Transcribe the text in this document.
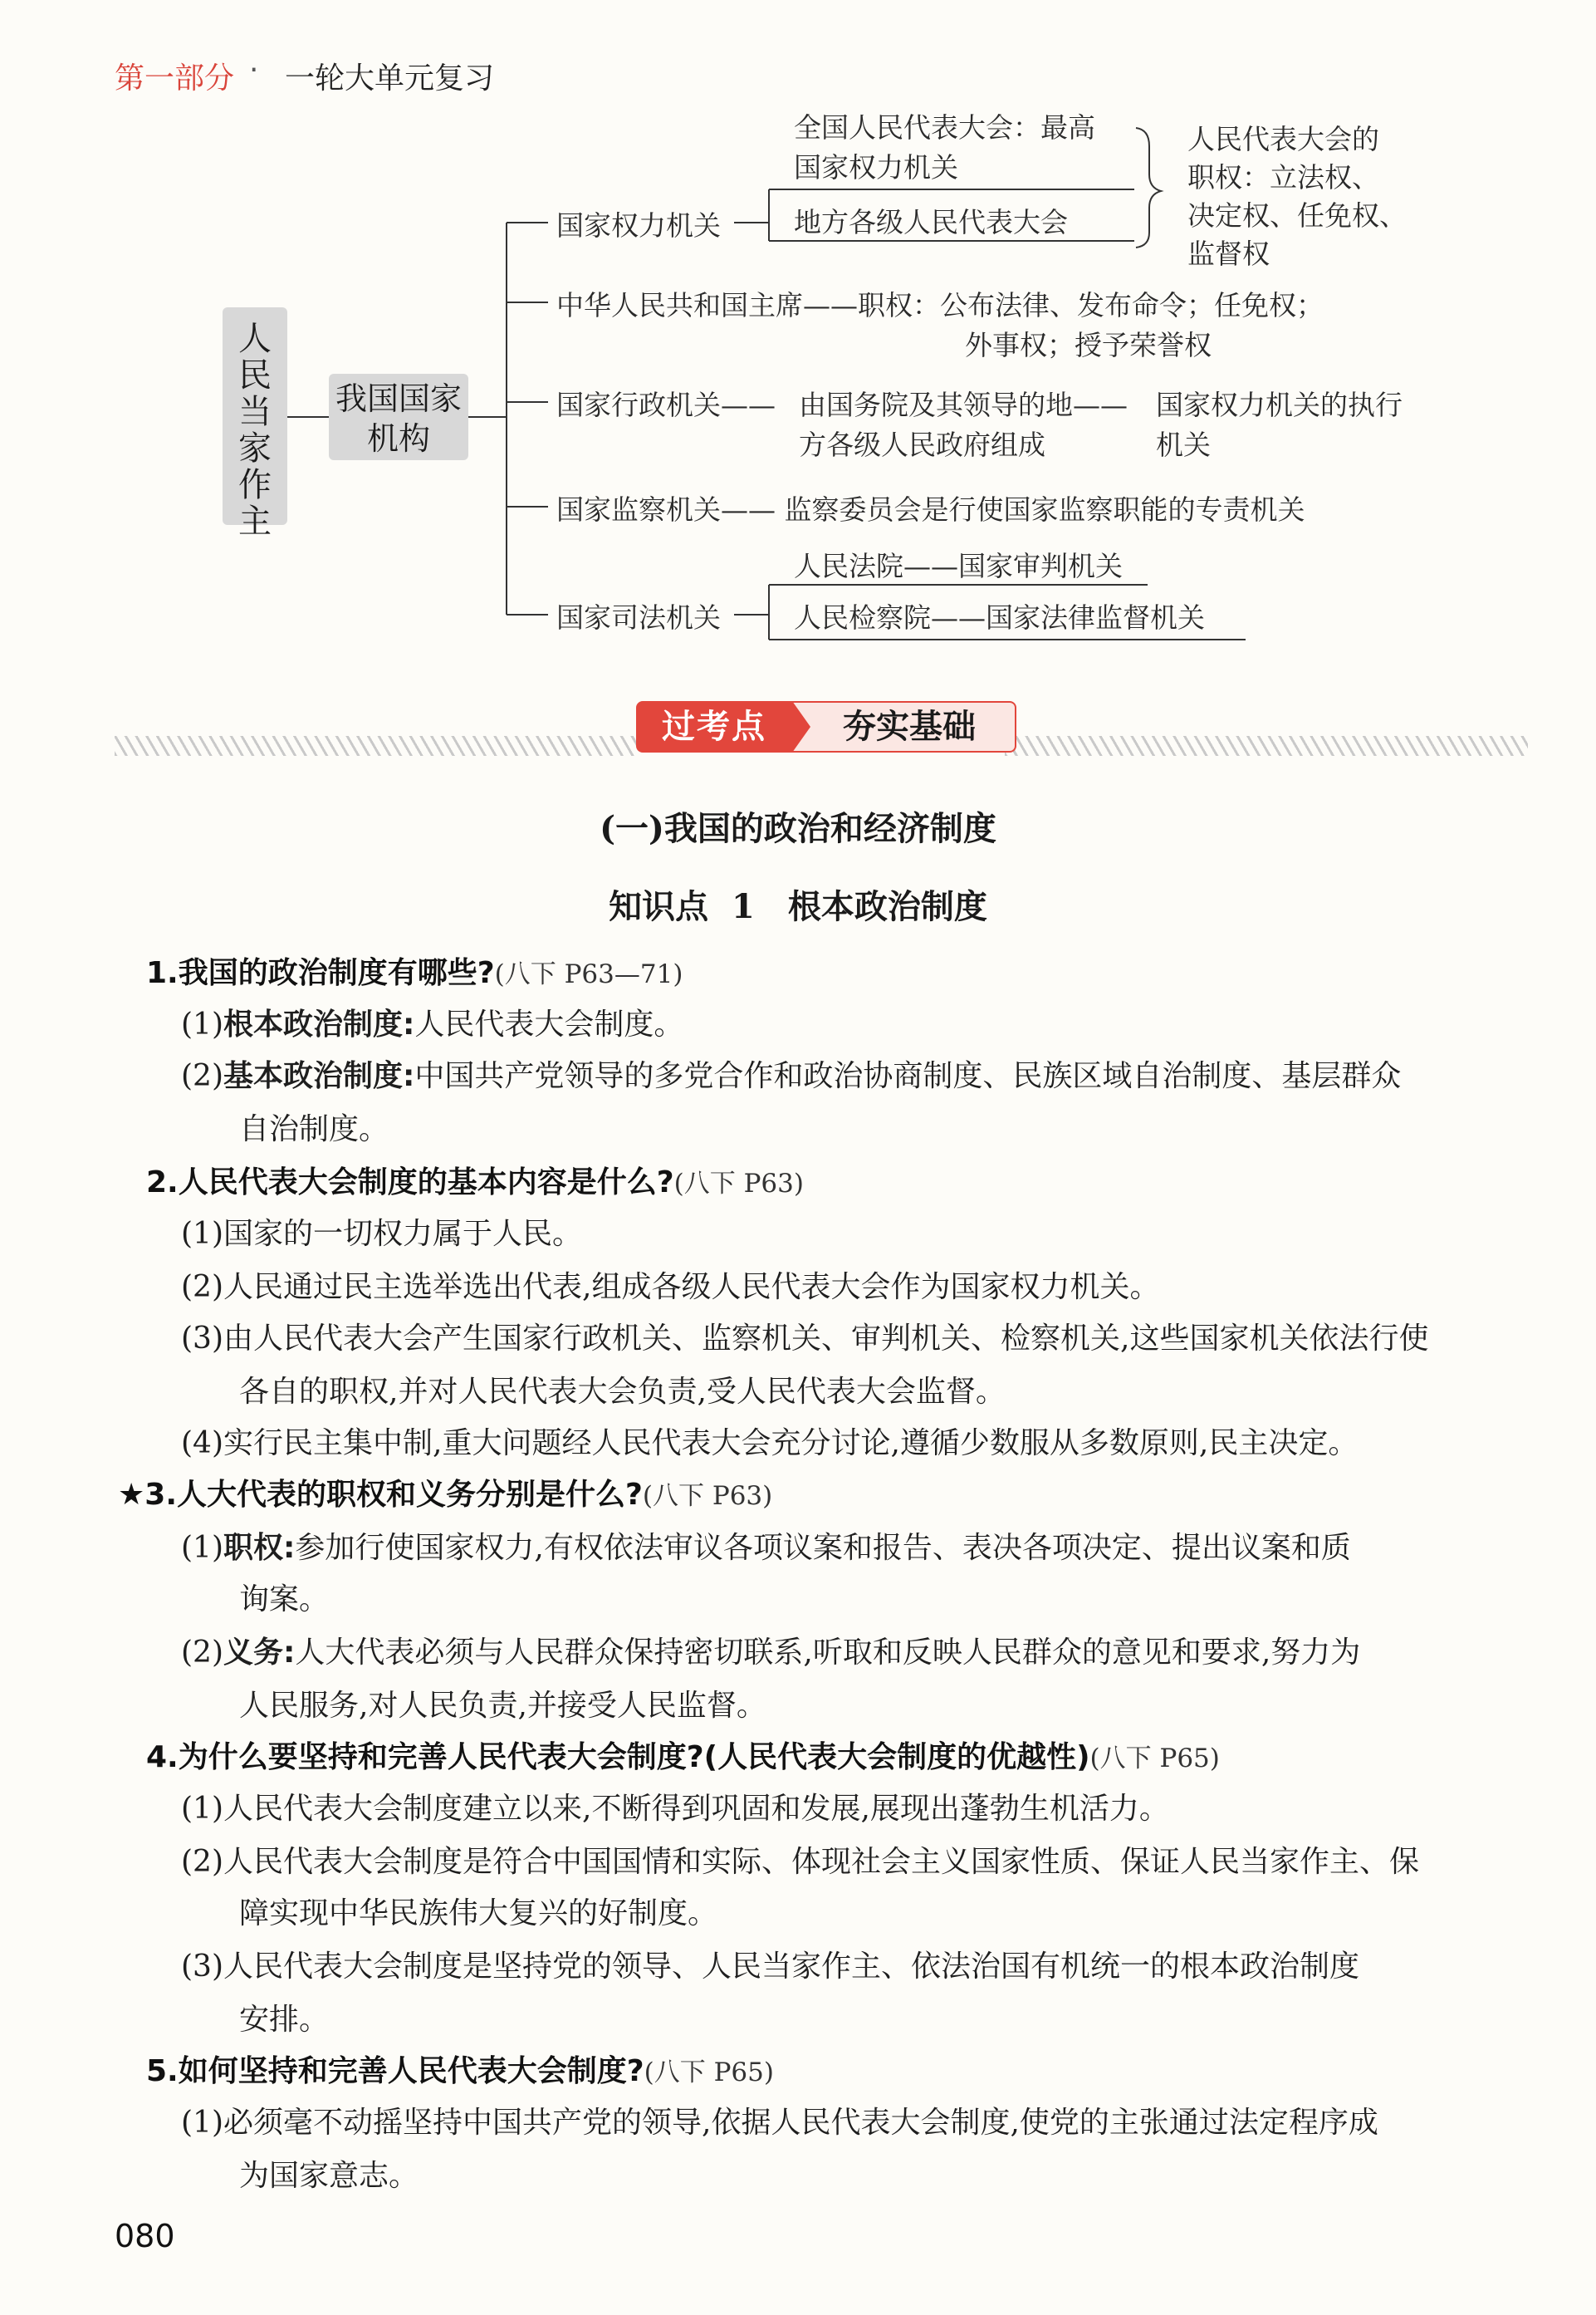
第一部分 · 一轮大单元复习
人民当家作主
我国国家机构
全国人民代表大会：最高
国家权力机关
国家权力机关	地方各级人民代表大会
人民代表大会的
职权：立法权、
决定权、任免权、
监督权
中华人民共和国主席——职权：公布法律、发布命令；任免权；
外事权；授予荣誉权
国家行政机关—— 由国务院及其领导的地——
方各级人民政府组成
国家权力机关的执行
机关
国家监察机关—— 监察委员会是行使国家监察职能的专责机关
人民法院——国家审判机关
国家司法机关	人民检察院——国家法律监督机关
过考点	夯实基础
(一)我国的政治和经济制度
知识点 1　根本政治制度
1.我国的政治制度有哪些?(八下 P63—71)
(1)根本政治制度:人民代表大会制度。
(2)基本政治制度:中国共产党领导的多党合作和政治协商制度、民族区域自治制度、基层群众
自治制度。
2.人民代表大会制度的基本内容是什么?(八下 P63)
(1)国家的一切权力属于人民。
(2)人民通过民主选举选出代表,组成各级人民代表大会作为国家权力机关。
(3)由人民代表大会产生国家行政机关、监察机关、审判机关、检察机关,这些国家机关依法行使
各自的职权,并对人民代表大会负责,受人民代表大会监督。
(4)实行民主集中制,重大问题经人民代表大会充分讨论,遵循少数服从多数原则,民主决定。
★3.人大代表的职权和义务分别是什么?(八下 P63)
(1)职权:参加行使国家权力,有权依法审议各项议案和报告、表决各项决定、提出议案和质
询案。
(2)义务:人大代表必须与人民群众保持密切联系,听取和反映人民群众的意见和要求,努力为
人民服务,对人民负责,并接受人民监督。
4.为什么要坚持和完善人民代表大会制度?(人民代表大会制度的优越性)(八下 P65)
(1)人民代表大会制度建立以来,不断得到巩固和发展,展现出蓬勃生机活力。
(2)人民代表大会制度是符合中国国情和实际、体现社会主义国家性质、保证人民当家作主、保
障实现中华民族伟大复兴的好制度。
(3)人民代表大会制度是坚持党的领导、人民当家作主、依法治国有机统一的根本政治制度
安排。
5.如何坚持和完善人民代表大会制度?(八下 P65)
(1)必须毫不动摇坚持中国共产党的领导,依据人民代表大会制度,使党的主张通过法定程序成
为国家意志。
080
